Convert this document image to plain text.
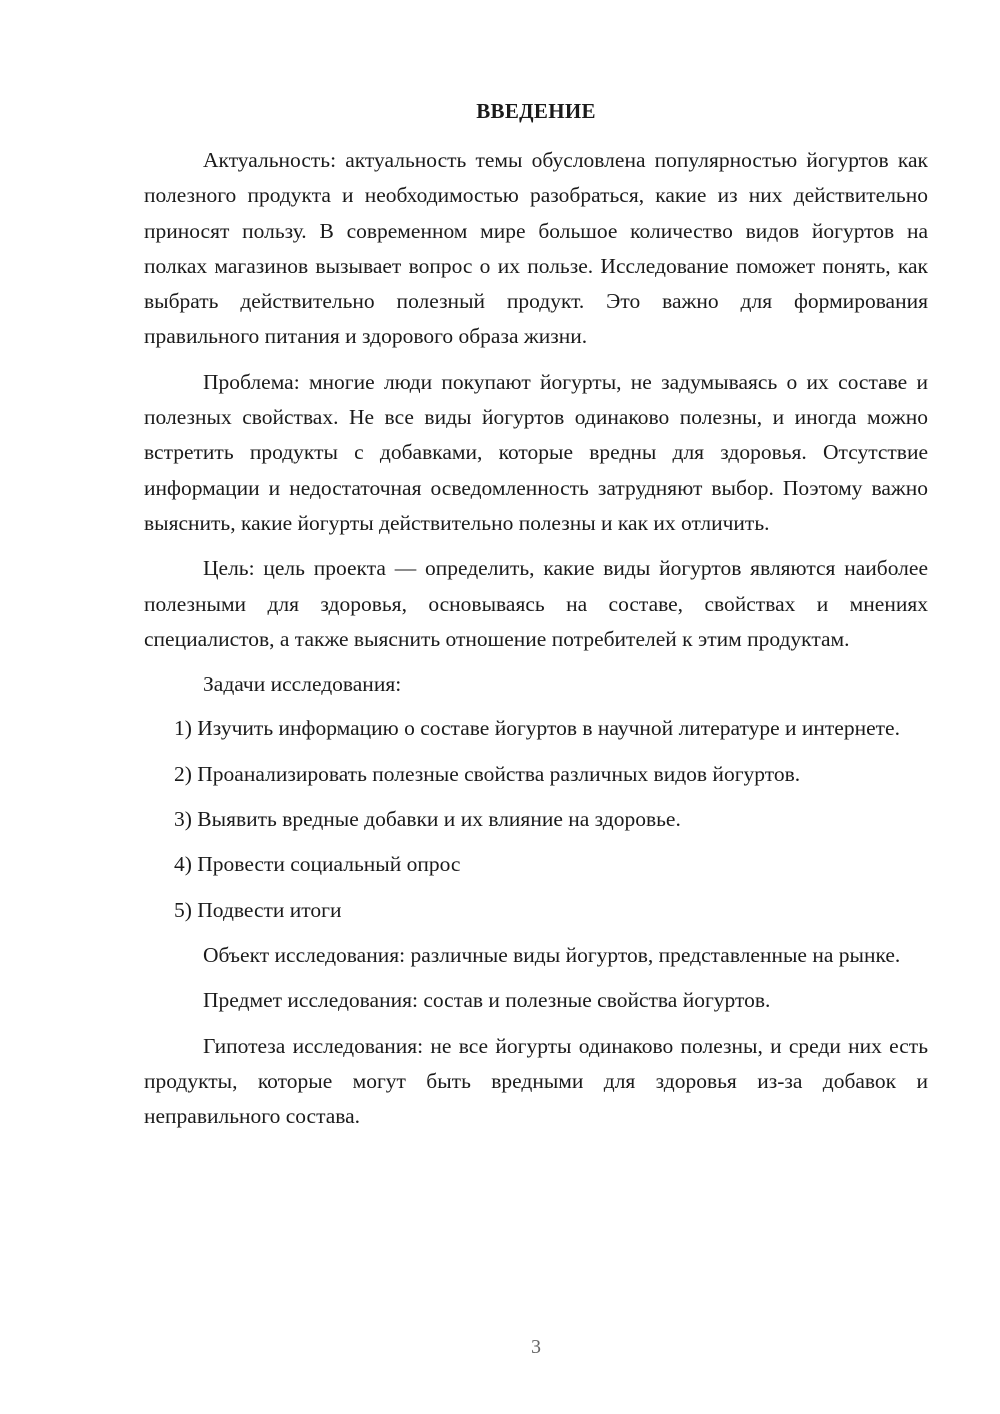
ВВЕДЕНИЕ

Актуальность: актуальность темы обусловлена популярностью йогуртов как полезного продукта и необходимостью разобраться, какие из них действительно приносят пользу. В современном мире большое количество видов йогуртов на полках магазинов вызывает вопрос о их пользе. Исследование поможет понять, как выбрать действительно полезный продукт. Это важно для формирования правильного питания и здорового образа жизни.

Проблема: многие люди покупают йогурты, не задумываясь о их составе и полезных свойствах. Не все виды йогуртов одинаково полезны, и иногда можно встретить продукты с добавками, которые вредны для здоровья. Отсутствие информации и недостаточная осведомленность затрудняют выбор. Поэтому важно выяснить, какие йогурты действительно полезны и как их отличить.

Цель: цель проекта — определить, какие виды йогуртов являются наиболее полезными для здоровья, основываясь на составе, свойствах и мнениях специалистов, а также выяснить отношение потребителей к этим продуктам.

Задачи исследования:

1) Изучить информацию о составе йогуртов в научной литературе и интернете.

2) Проанализировать полезные свойства различных видов йогуртов.

3) Выявить вредные добавки и их влияние на здоровье.

4) Провести социальный опрос

5) Подвести итоги

Объект исследования: различные виды йогуртов, представленные на рынке.

Предмет исследования: состав и полезные свойства йогуртов.

Гипотеза исследования: не все йогурты одинаково полезны, и среди них есть продукты, которые могут быть вредными для здоровья из-за добавок и неправильного состава.

3
